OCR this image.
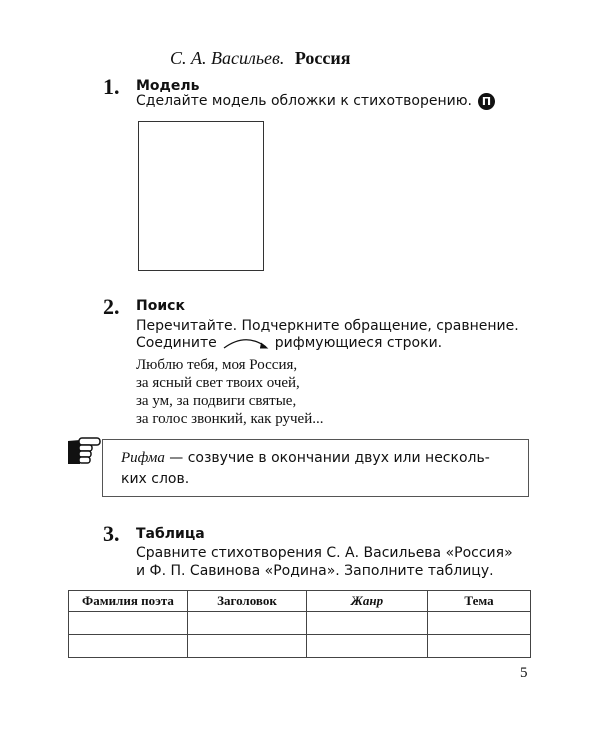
С. А. Васильев. Россия
1. Модель
Сделайте модель обложки к стихотворению. П
2. Поиск
Перечитайте. Подчеркните обращение, сравнение.
Соедините	рифмующиеся строки.
Люблю тебя, моя Россия,
за ясный свет твоих очей,
за ум, за подвиги святые,
за голос звонкий, как ручей...
Рифма — созвучие в окончании двух или несколь-
ких слов.
3. Таблица
Сравните стихотворения С. А. Васильева «Россия»
и Ф. П. Савинова «Родина». Заполните таблицу.
Фамилия поэта	Заголовок	Жанр	Тема

5
